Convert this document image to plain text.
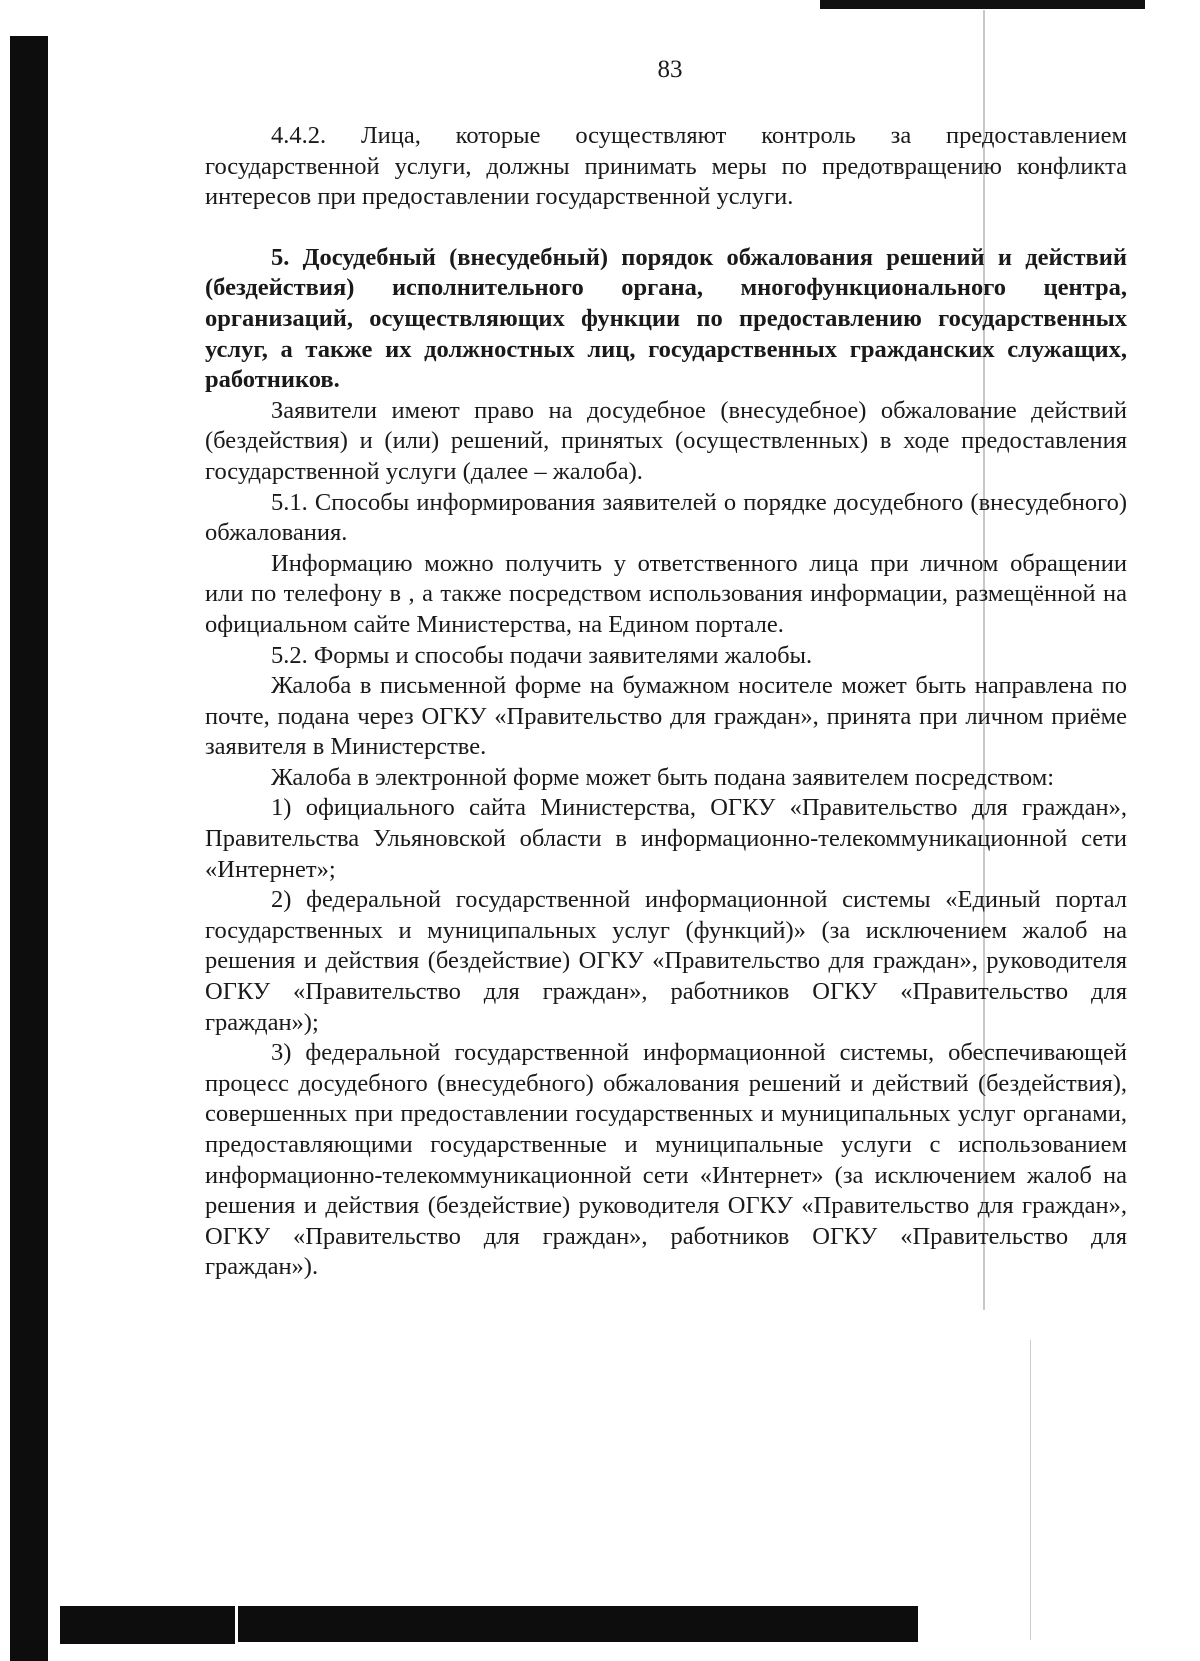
83

4.4.2. Лица, которые осуществляют контроль за предоставлением государственной услуги, должны принимать меры по предотвращению конфликта интересов при предоставлении государственной услуги.

5. Досудебный (внесудебный) порядок обжалования решений и действий (бездействия) исполнительного органа, многофункционального центра, организаций, осуществляющих функции по предоставлению государственных услуг, а также их должностных лиц, государственных гражданских служащих, работников.

Заявители имеют право на досудебное (внесудебное) обжалование действий (бездействия) и (или) решений, принятых (осуществленных) в ходе предоставления государственной услуги (далее – жалоба).

5.1. Способы информирования заявителей о порядке досудебного (внесудебного) обжалования.

Информацию можно получить у ответственного лица при личном обращении или по телефону в , а также посредством использования информации, размещённой на официальном сайте Министерства, на Едином портале.

5.2. Формы и способы подачи заявителями жалобы.

Жалоба в письменной форме на бумажном носителе может быть направлена по почте, подана через ОГКУ «Правительство для граждан», принята при личном приёме заявителя в Министерстве.

Жалоба в электронной форме может быть подана заявителем посредством:

1) официального сайта Министерства, ОГКУ «Правительство для граждан», Правительства Ульяновской области в информационно-телекоммуникационной сети «Интернет»;

2) федеральной государственной информационной системы «Единый портал государственных и муниципальных услуг (функций)» (за исключением жалоб на решения и действия (бездействие) ОГКУ «Правительство для граждан», руководителя ОГКУ «Правительство для граждан», работников ОГКУ «Правительство для граждан»);

3) федеральной государственной информационной системы, обеспечивающей процесс досудебного (внесудебного) обжалования решений и действий (бездействия), совершенных при предоставлении государственных и муниципальных услуг органами, предоставляющими государственные и муниципальные услуги с использованием информационно-телекоммуникационной сети «Интернет» (за исключением жалоб на решения и действия (бездействие) руководителя ОГКУ «Правительство для граждан», ОГКУ «Правительство для граждан», работников ОГКУ «Правительство для граждан»).
